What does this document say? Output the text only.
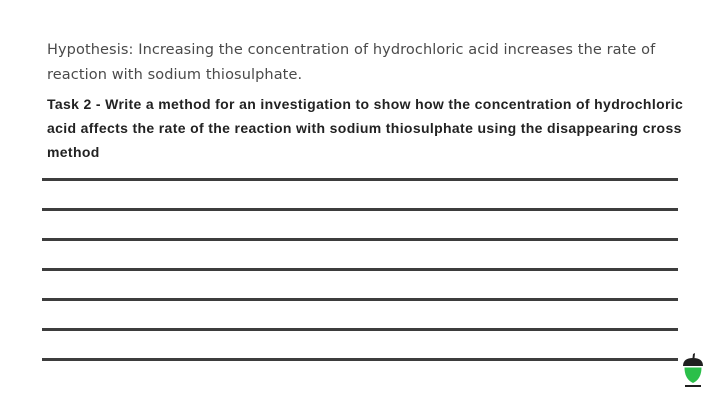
Hypothesis: Increasing the concentration of hydrochloric acid increases the rate of reaction with sodium thiosulphate.

Task 2 - Write a method for an investigation to show how the concentration of hydrochloric acid affects the rate of the reaction with sodium thiosulphate using the disappearing cross method
